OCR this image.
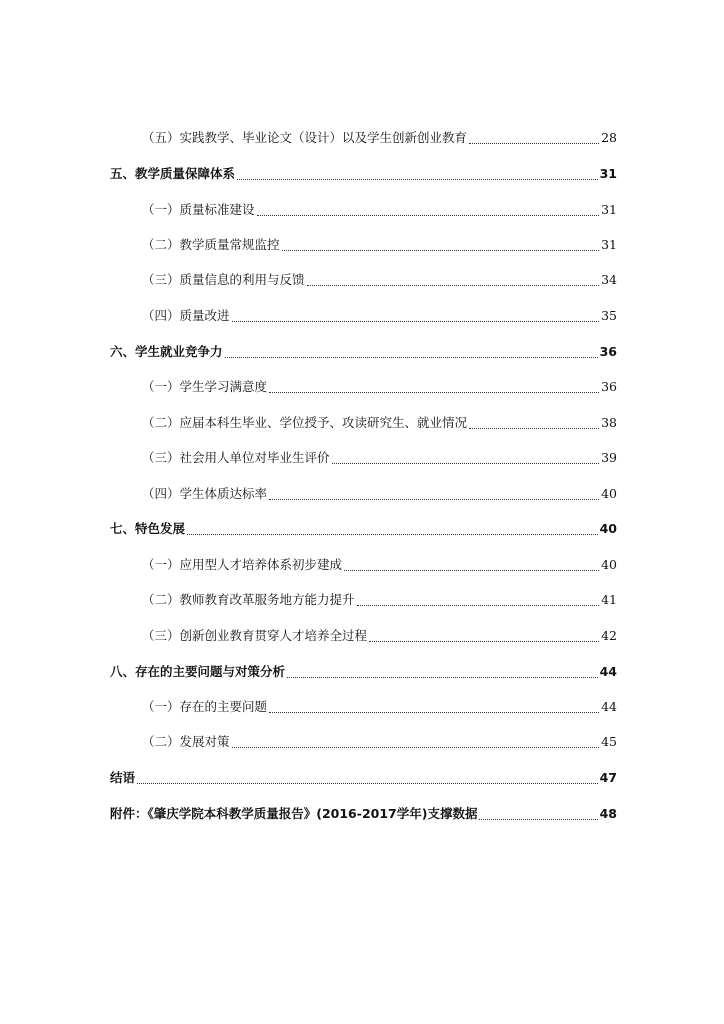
（五）实践教学、毕业论文（设计）以及学生创新创业教育	28
五、教学质量保障体系	31
（一）质量标准建设	31
（二）教学质量常规监控	31
（三）质量信息的利用与反馈	34
（四）质量改进	35
六、学生就业竞争力	36
（一）学生学习满意度	36
（二）应届本科生毕业、学位授予、攻读研究生、就业情况	38
（三）社会用人单位对毕业生评价	39
（四）学生体质达标率	40
七、特色发展	40
（一）应用型人才培养体系初步建成	40
（二）教师教育改革服务地方能力提升	41
（三）创新创业教育贯穿人才培养全过程	42
八、存在的主要问题与对策分析	44
（一）存在的主要问题	44
（二）发展对策	45
结语	47
附件：《肇庆学院本科教学质量报告》(2016-2017学年)支撑数据	48
